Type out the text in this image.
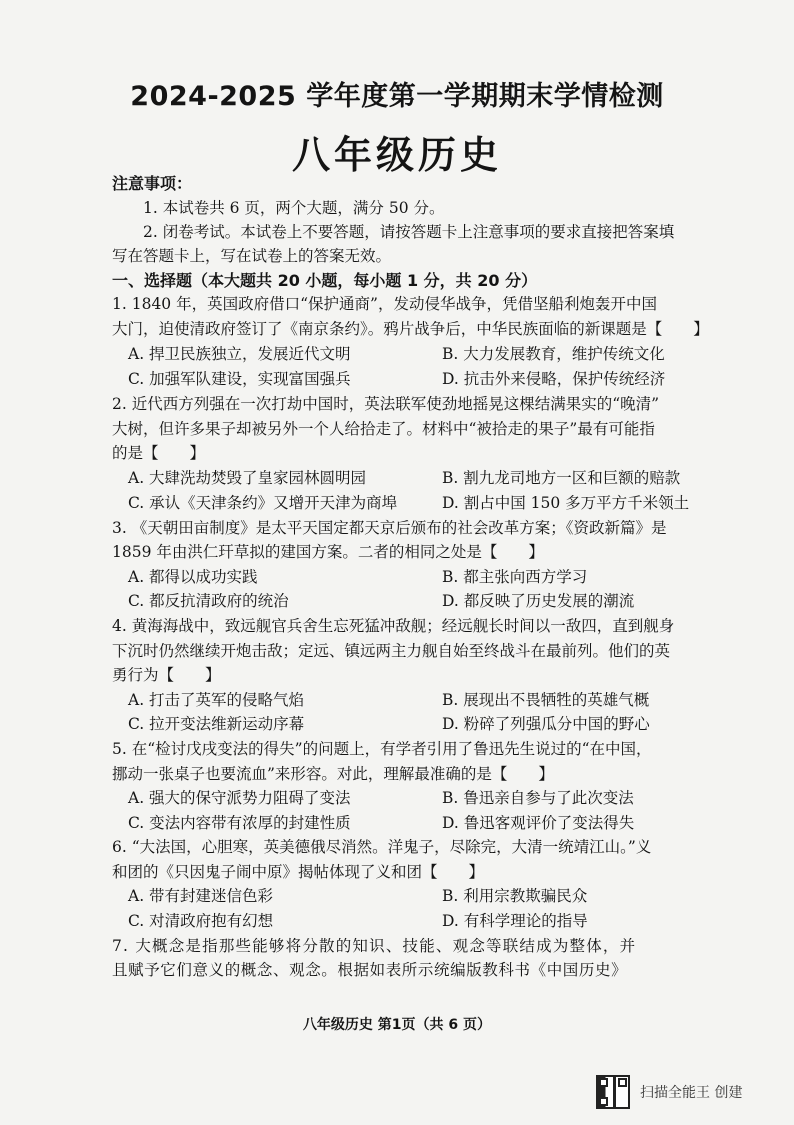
2024-2025 学年度第一学期期末学情检测
八年级历史
注意事项：
1. 本试卷共 6 页，两个大题，满分 50 分。
2. 闭卷考试。本试卷上不要答题，请按答题卡上注意事项的要求直接把答案填
写在答题卡上，写在试卷上的答案无效。
一、选择题（本大题共 20 小题，每小题 1 分，共 20 分）
1. 1840 年，英国政府借口“保护通商”，发动侵华战争，凭借坚船利炮轰开中国
大门，迫使清政府签订了《南京条约》。鸦片战争后，中华民族面临的新课题是【　　】
A. 捍卫民族独立，发展近代文明	B. 大力发展教育，维护传统文化
C. 加强军队建设，实现富国强兵	D. 抗击外来侵略，保护传统经济
2. 近代西方列强在一次打劫中国时，英法联军使劲地摇晃这棵结满果实的“晚清”
大树，但许多果子却被另外一个人给拾走了。材料中“被拾走的果子”最有可能指
的是【　　】
A. 大肆洗劫焚毁了皇家园林圆明园	B. 割九龙司地方一区和巨额的赔款
C. 承认《天津条约》又增开天津为商埠	D. 割占中国 150 多万平方千米领土
3. 《天朝田亩制度》是太平天国定都天京后颁布的社会改革方案；《资政新篇》是
1859 年由洪仁玕草拟的建国方案。二者的相同之处是【　　】
A. 都得以成功实践	B. 都主张向西方学习
C. 都反抗清政府的统治	D. 都反映了历史发展的潮流
4. 黄海海战中，致远舰官兵舍生忘死猛冲敌舰；经远舰长时间以一敌四，直到舰身
下沉时仍然继续开炮击敌；定远、镇远两主力舰自始至终战斗在最前列。他们的英
勇行为【　　】
A. 打击了英军的侵略气焰	B. 展现出不畏牺牲的英雄气概
C. 拉开变法维新运动序幕	D. 粉碎了列强瓜分中国的野心
5. 在“检讨戊戌变法的得失”的问题上，有学者引用了鲁迅先生说过的“在中国，
挪动一张桌子也要流血”来形容。对此，理解最准确的是【　　】
A. 强大的保守派势力阻碍了变法	B. 鲁迅亲自参与了此次变法
C. 变法内容带有浓厚的封建性质	D. 鲁迅客观评价了变法得失
6. “大法国，心胆寒，英美德俄尽消然。洋鬼子，尽除完，大清一统靖江山。”义
和团的《只因鬼子闹中原》揭帖体现了义和团【　　】
A. 带有封建迷信色彩	B. 利用宗教欺骗民众
C. 对清政府抱有幻想	D. 有科学理论的指导
7. 大概念是指那些能够将分散的知识、技能、观念等联结成为整体，并
且赋予它们意义的概念、观念。根据如表所示统编版教科书《中国历史》
八年级历史 第1页（共 6 页）
扫描全能王 创建
